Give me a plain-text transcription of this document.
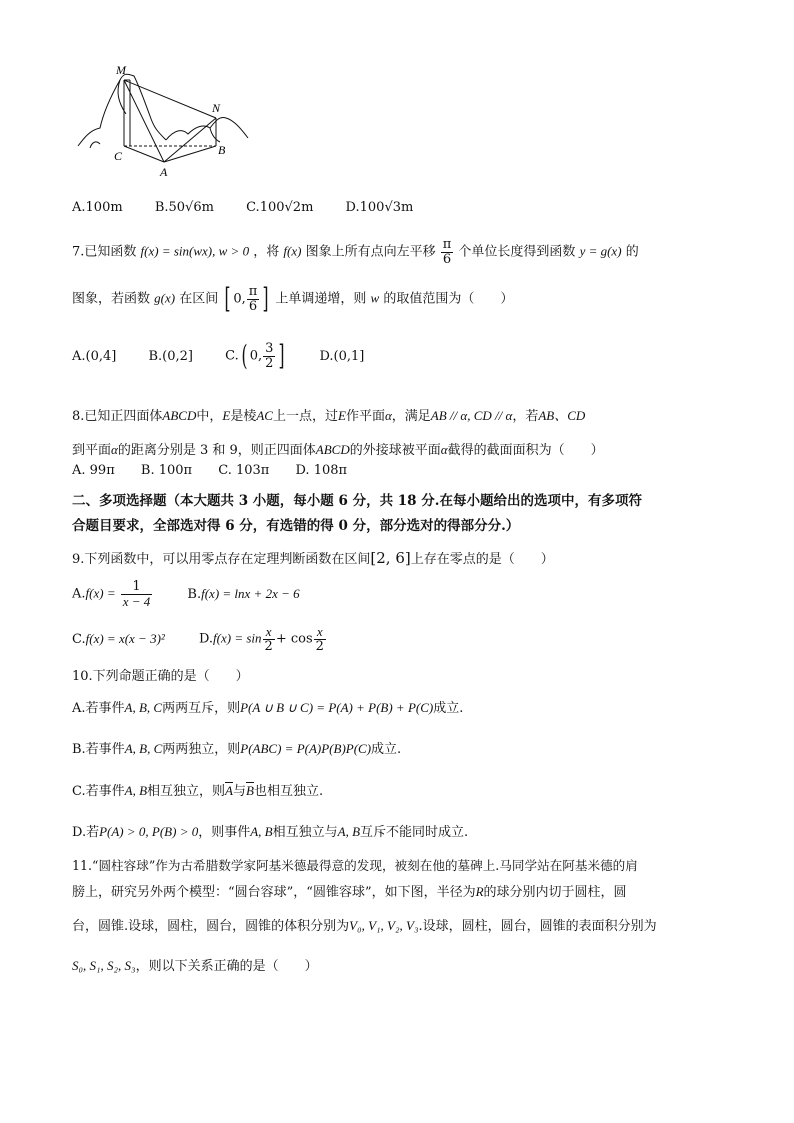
M
N
C
A
B
A.100m B.50√6m C.100√2m D.100√3m
7.已知函数 f(x) = sin(wx), w > 0 ，将 f(x) 图象上所有点向左平移 $\frac{\pi}{6}$ 个单位长度得到函数 y = g(x) 的
图象，若函数 g(x) 在区间 [ 0, $\frac{\pi}{6}$ ] 上单调递增，则 w 的取值范围为（　　）
A.(0,4] B.(0,2] C.( 0, $\frac{3}{2}$ ]	D.(0,1]
8.已知正四面体ABCD中，E是棱AC上一点，过E作平面α，满足AB // α, CD // α，若AB、CD
到平面α的距离分别是 3 和 9，则正四面体ABCD的外接球被平面α截得的截面面积为（　　）
A. 99π B. 100π C. 103π D. 108π
二、多项选择题（本大题共 3 小题，每小题 6 分，共 18 分.在每小题给出的选项中，有多项符
合题目要求，全部选对得 6 分，有选错的得 0 分，部分选对的得部分分.）
9.下列函数中，可以用零点存在定理判断函数在区间[2, 6]上存在零点的是（　　）
$A.f(x) = \frac{1}{x - 4}$	B.f(x) = lnx + 2x − 6
C.f(x) = x(x − 3)²	$D.f(x) = \sin \frac{x}{2} + \cos \frac{x}{2}$
10.下列命题正确的是（　　）
A.若事件A, B, C两两互斥，则P(A ∪ B ∪ C) = P(A) + P(B) + P(C)成立.
B.若事件A, B, C两两独立，则P(ABC) = P(A)P(B)P(C)成立.
C.若事件A, B相互独立，则$\overline{A}$与$\overline{B}$也相互独立.
D.若P(A) > 0, P(B) > 0，则事件A, B相互独立与A, B互斥不能同时成立.
11.“圆柱容球”作为古希腊数学家阿基米德最得意的发现，被刻在他的墓碑上.马同学站在阿基米德的肩
膀上，研究另外两个模型：“圆台容球”，“圆锥容球”，如下图，半径为R的球分别内切于圆柱，圆
台，圆锥.设球，圆柱，圆台，圆锥的体积分别为V₀, V₁, V₂, V₃.设球，圆柱，圆台，圆锥的表面积分别为
S₀, S₁, S₂, S₃，则以下关系正确的是（　　）
